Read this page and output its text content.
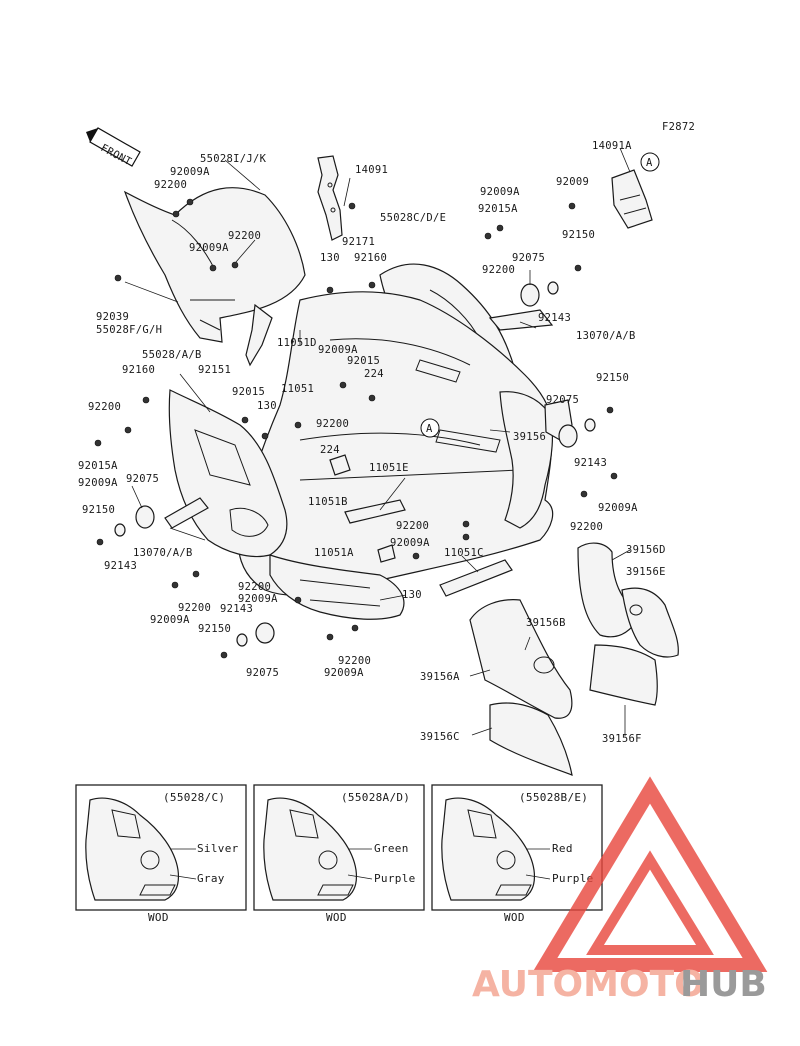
F2872
FRONT	A
A
55028I/J/K
92009A
92200
92200
92009A
92039
55028F/G/H
14091
92171
55028C/D/E
92009A
92015A
92200
14091A
92009
92150
92075
92143
13070/A/B
130 92160
11051D
92009A
92015
224
55028/A/B
92160	92151
92015
130
11051
92200
92150
92075
39156
92143
92200
92015A
92009A 92075
224
11051E
11051B	92009A
92200
92150
13070/A/B
92143
92200
11051A
92009A
11051C	39156D
39156E
92200
92009A
92200
92009A
92143
92150
130
39156B
92075
92200
92009A	39156A
39156C	39156F
(55028/C)
Silver
Gray
WOD
(55028A/D)
Green
Purple
WOD
(55028B/E)
Red
Purple
WOD
AUTOMOTO
HUB
